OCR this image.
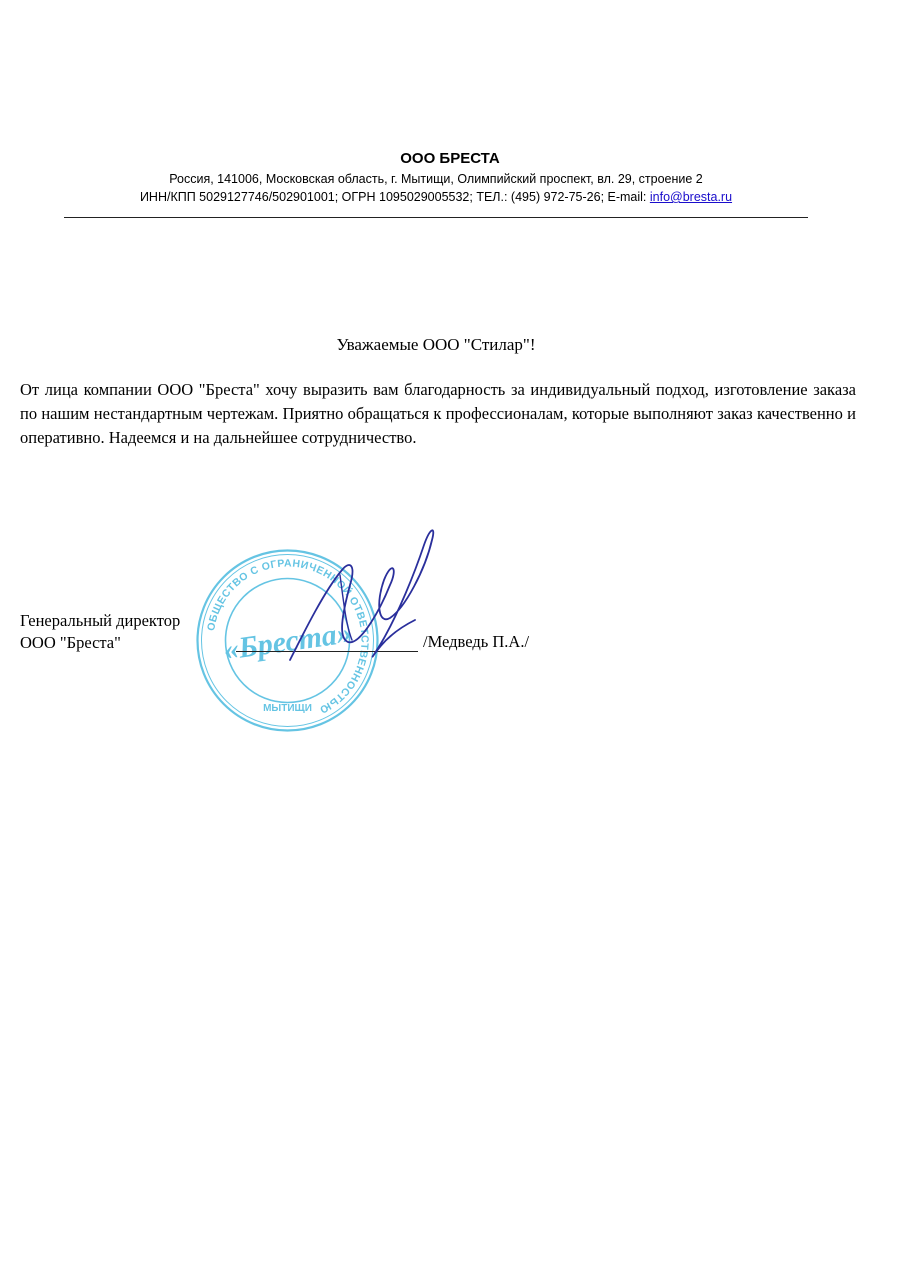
ООО БРЕСТА
Россия, 141006, Московская область, г. Мытищи, Олимпийский проспект, вл. 29, строение 2
ИНН/КПП 5029127746/502901001; ОГРН 1095029005532; ТЕЛ.: (495) 972-75-26; E-mail: info@bresta.ru
Уважаемые ООО "Стилар"!
От лица компании ООО "Бреста" хочу выразить вам благодарность за индивидуальный подход, изготовление заказа по нашим нестандартным чертежам. Приятно обращаться к профессионалам, которые выполняют заказ качественно и оперативно. Надеемся и на дальнейшее сотрудничество.
Генеральный директор
ООО "Бреста"
ОБЩЕСТВО С ОГРАНИЧЕННОЙ ОТВЕТСТВЕННОСТЬЮ
МЫТИЩИ
«Бреста»	/Медведь П.А./
